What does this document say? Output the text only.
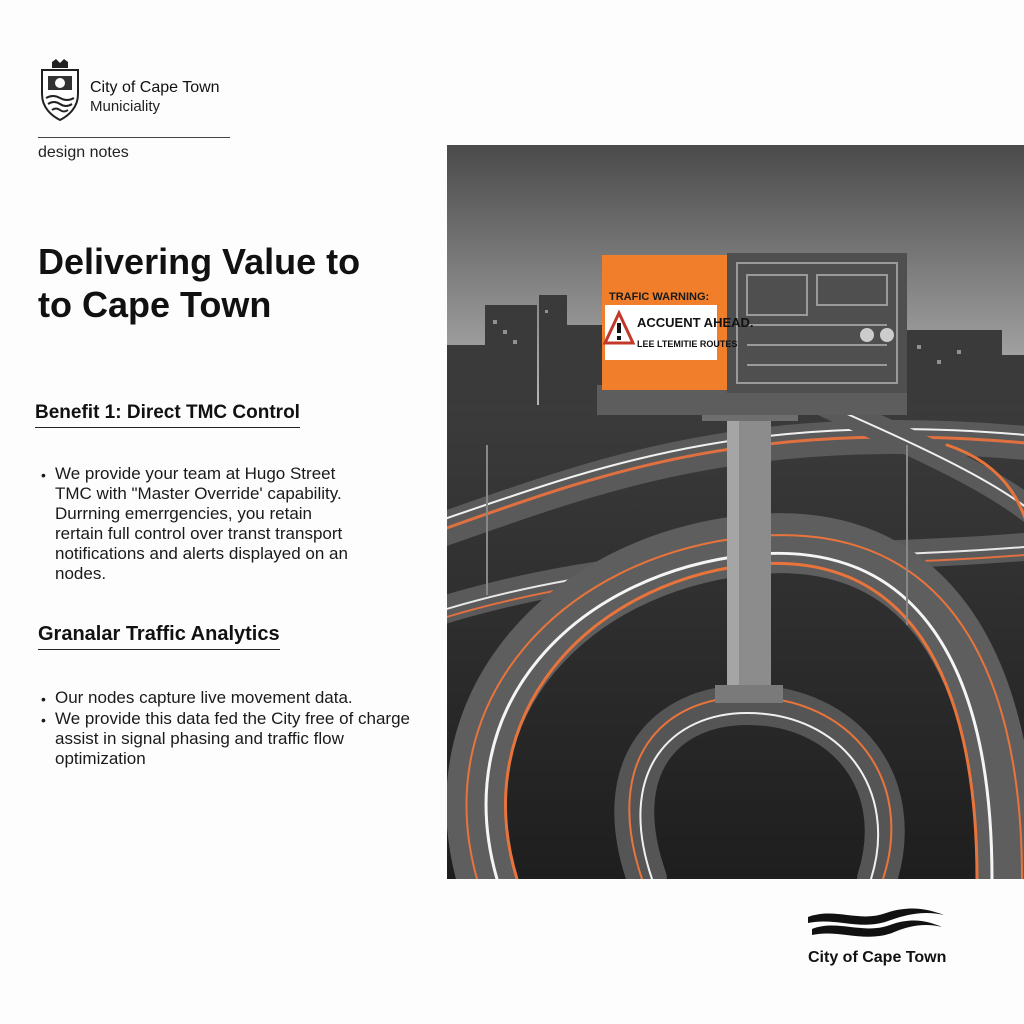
City of Cape Town
Municiality
design notes
Delivering Value to
to Cape Town
Benefit 1: Direct TMC Control
• We provide your team at Hugo Street
TMC with "Master Override' capability.
Durrning emerrgencies, you retain
rertain full control over transt transport
notifications and alerts displayed on an
nodes.
Granalar Traffic Analytics
• Our nodes capture live movement data.
• We provide this data fed the City free of charge
assist in signal phasing and traffic flow
optimization
TRAFIC WARNING:
ACCUENT AHEAD.
LEE LTEMITIE ROUTES
City of Cape Town
